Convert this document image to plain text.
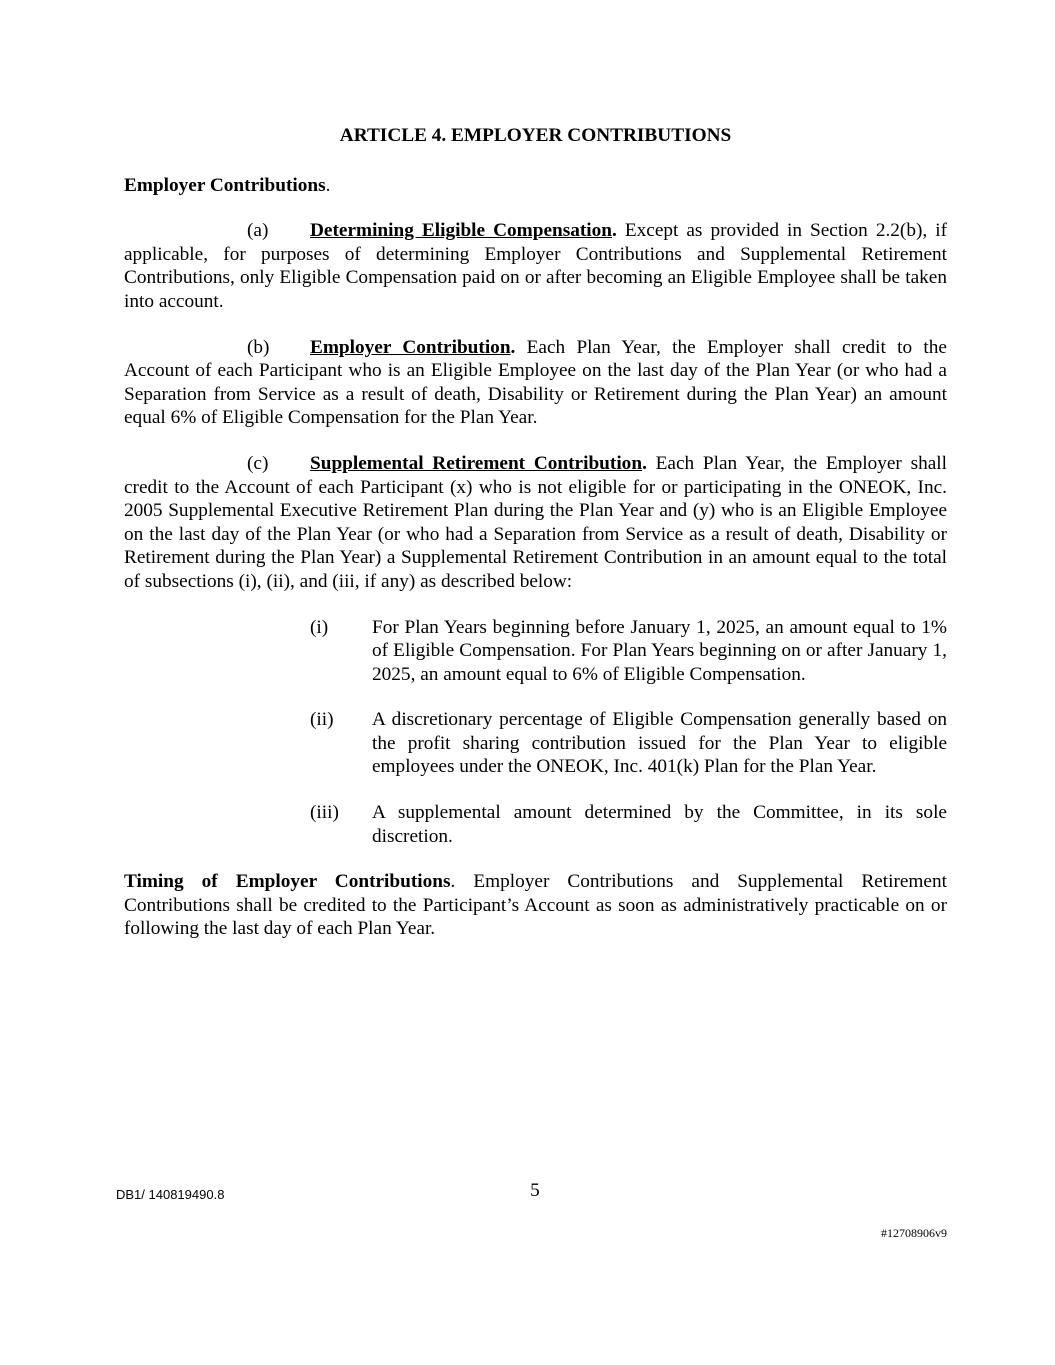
ARTICLE 4. EMPLOYER CONTRIBUTIONS
Employer Contributions.

(a) Determining Eligible Compensation. Except as provided in Section 2.2(b), if applicable, for purposes of determining Employer Contributions and Supplemental Retirement Contributions, only Eligible Compensation paid on or after becoming an Eligible Employee shall be taken into account.

(b) Employer Contribution. Each Plan Year, the Employer shall credit to the Account of each Participant who is an Eligible Employee on the last day of the Plan Year (or who had a Separation from Service as a result of death, Disability or Retirement during the Plan Year) an amount equal 6% of Eligible Compensation for the Plan Year.

(c) Supplemental Retirement Contribution. Each Plan Year, the Employer shall credit to the Account of each Participant (x) who is not eligible for or participating in the ONEOK, Inc. 2005 Supplemental Executive Retirement Plan during the Plan Year and (y) who is an Eligible Employee on the last day of the Plan Year (or who had a Separation from Service as a result of death, Disability or Retirement during the Plan Year) a Supplemental Retirement Contribution in an amount equal to the total of subsections (i), (ii), and (iii, if any) as described below:

(i) For Plan Years beginning before January 1, 2025, an amount equal to 1% of Eligible Compensation. For Plan Years beginning on or after January 1, 2025, an amount equal to 6% of Eligible Compensation.
(ii) A discretionary percentage of Eligible Compensation generally based on the profit sharing contribution issued for the Plan Year to eligible employees under the ONEOK, Inc. 401(k) Plan for the Plan Year.
(iii) A supplemental amount determined by the Committee, in its sole discretion.

Timing of Employer Contributions. Employer Contributions and Supplemental Retirement Contributions shall be credited to the Participant’s Account as soon as administratively practicable on or following the last day of each Plan Year.

DB1/ 140819490.8	5
#12708906v9
